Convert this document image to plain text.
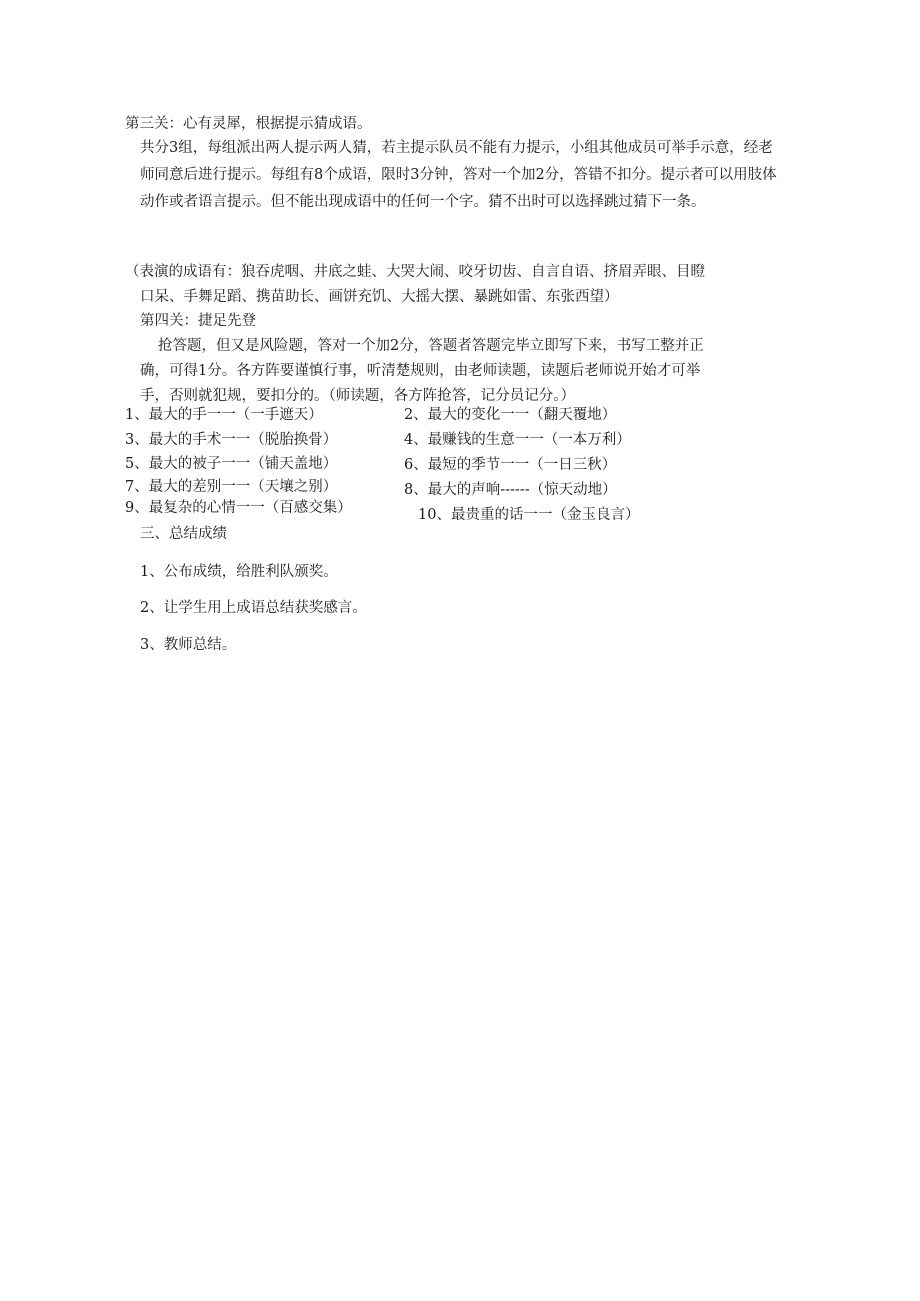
第三关：心有灵犀，根据提示猜成语。
共分3组，每组派出两人提示两人猜，若主提示队员不能有力提示，小组其他成员可举手示意，经老师同意后进行提示。每组有8个成语，限时3分钟，答对一个加2分，答错不扣分。提示者可以用肢体动作或者语言提示。但不能出现成语中的任何一个字。猜不出时可以选择跳过猜下一条。
（表演的成语有：狼吞虎咽、井底之蛙、大哭大闹、咬牙切齿、自言自语、挤眉弄眼、目瞪
口呆、手舞足蹈、携苗助长、画饼充饥、大摇大摆、暴跳如雷、东张西望）
第四关：捷足先登
抢答题，但又是风险题，答对一个加2分，答题者答题完毕立即写下来，书写工整并正
确，可得1分。各方阵要谨慎行事，听清楚规则，由老师读题，读题后老师说开始才可举
手，否则就犯规，要扣分的。（师读题，各方阵抢答，记分员记分。）
1、最大的手一一（一手遮天）	2、最大的变化一一（翻天覆地）
3、最大的手术一一（脱胎换骨）	4、最赚钱的生意一一（一本万利）
5、最大的被子一一（铺天盖地）	6、最短的季节一一（一日三秋）
7、最大的差别一一（天壤之别）	8、最大的声响------（惊天动地）
9、最复杂的心情一一（百感交集）	10、最贵重的话一一（金玉良言）
三、总结成绩
1、公布成绩，给胜利队颁奖。
2、让学生用上成语总结获奖感言。
3、教师总结。
